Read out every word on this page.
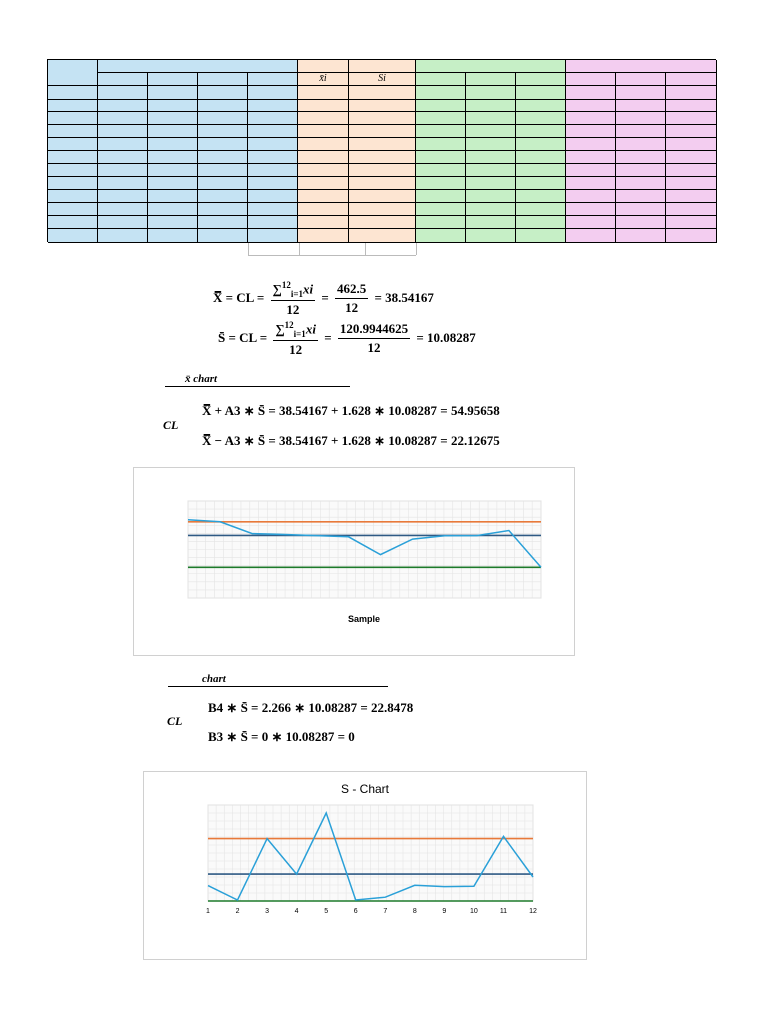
x̄i	Si
X̿ = CL = $\frac{\sum^{12}_{i=1}xi}{12} = \frac{462.5}{12} = 38.54167$
S̄ = CL = $\frac{\sum^{12}_{i=1}xi}{12} = \frac{120.9944625}{12} = 10.08287$
x̄ chart
CL
X̿ + A3 ∗ S̄ = 38.54167 + 1.628 ∗ 10.08287 = 54.95658
X̿ − A3 ∗ S̄ = 38.54167 + 1.628 ∗ 10.08287 = 22.12675
Sample
chart
CL
B4 ∗ S̄ = 2.266 ∗ 10.08287 = 22.8478
B3 ∗ S̄ = 0 ∗ 10.08287 = 0
S - Chart
1	2	3	4	5	6	7	8	9	10	11	12
